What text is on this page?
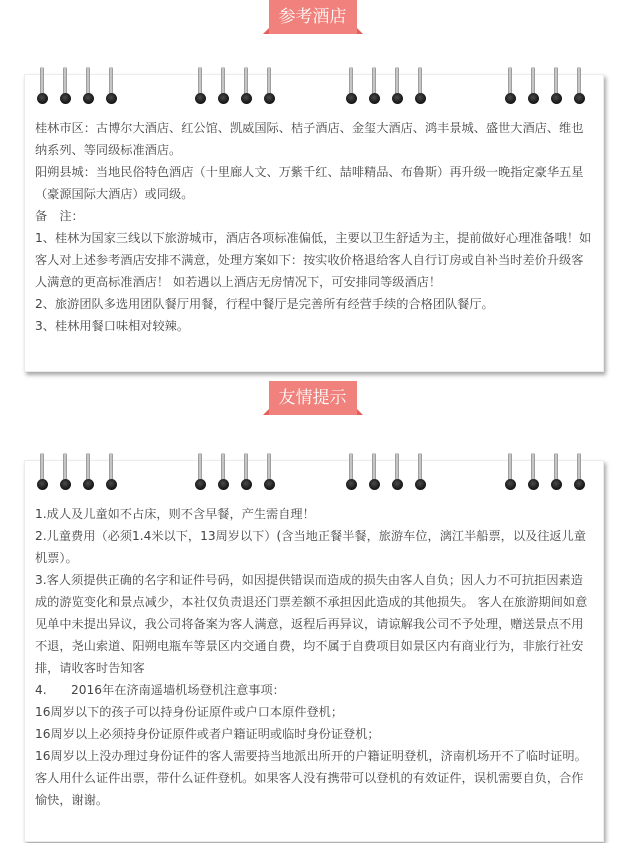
参考酒店

桂林市区：古博尔大酒店、红公馆、凯威国际、桔子酒店、金玺大酒店、鸿丰景城、盛世大酒店、维也纳系列、等同级标准酒店。

阳朔县城：当地民俗特色酒店（十里廊人文、万紫千红、喆啡精品、布鲁斯）再升级一晚指定豪华五星（豪源国际大酒店）或同级。

备　注：

1、桂林为国家三线以下旅游城市，酒店各项标准偏低，主要以卫生舒适为主，提前做好心理准备哦！如客人对上述参考酒店安排不满意，处理方案如下：按实收价格退给客人自行订房或自补当时差价升级客人满意的更高标准酒店！ 如若遇以上酒店无房情况下，可安排同等级酒店！

2、旅游团队多选用团队餐厅用餐，行程中餐厅是完善所有经营手续的合格团队餐厅。

3、桂林用餐口味相对较辣。

友情提示

1.成人及儿童如不占床，则不含早餐，产生需自理！

2.儿童费用（必须1.4米以下，13周岁以下）(含当地正餐半餐，旅游车位，漓江半船票，以及往返儿童机票）。

3.客人须提供正确的名字和证件号码，如因提供错误而造成的损失由客人自负；因人力不可抗拒因素造成的游览变化和景点减少，本社仅负责退还门票差额不承担因此造成的其他损失。 客人在旅游期间如意见单中未提出异议，我公司将备案为客人满意，返程后再异议，请谅解我公司不予处理，赠送景点不用不退，尧山索道、阳朔电瓶车等景区内交通自费，均不属于自费项目如景区内有商业行为，非旅行社安排，请收客时告知客

4.　　2016年在济南遥墙机场登机注意事项：

16周岁以下的孩子可以持身份证原件或户口本原件登机；

16周岁以上必须持身份证原件或者户籍证明或临时身份证登机；

16周岁以上没办理过身份证件的客人需要持当地派出所开的户籍证明登机，济南机场开不了临时证明。

客人用什么证件出票，带什么证件登机。如果客人没有携带可以登机的有效证件，误机需要自负，合作愉快，谢谢。
